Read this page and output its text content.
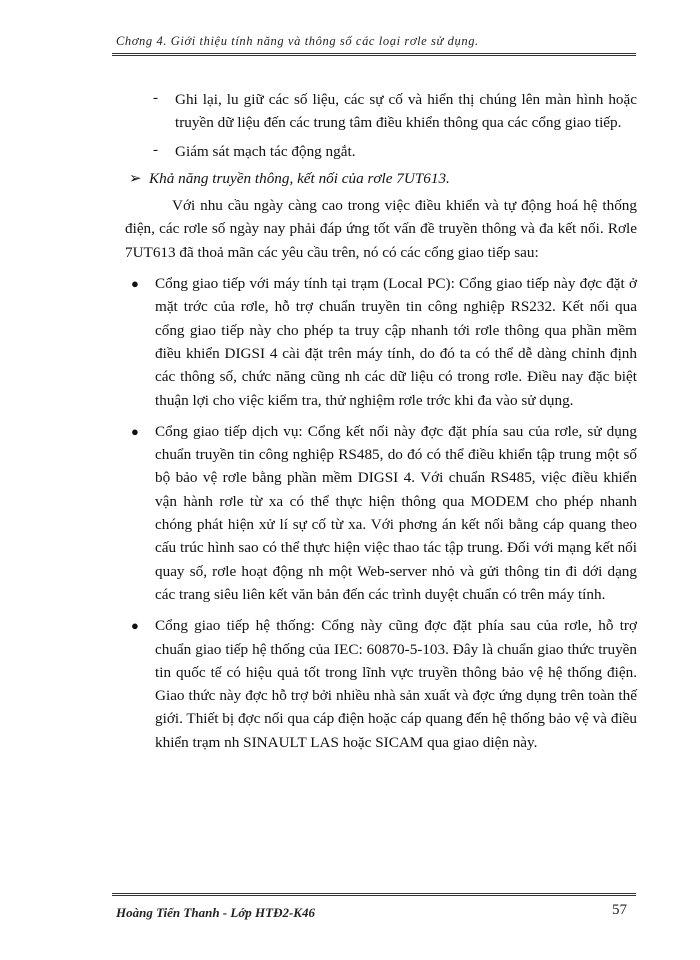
Chơng 4. Giới thiệu tính năng và thông số các loại rơle sử dụng.
- Ghi lại, lu giữ các số liệu, các sự cố và hiển thị chúng lên màn hình hoặc truyền dữ liệu đến các trung tâm điều khiển thông qua các cổng giao tiếp.
- Giám sát mạch tác động ngắt.
➢ Khả năng truyền thông, kết nối của rơle 7UT613.
Với nhu cầu ngày càng cao trong việc điều khiển và tự động hoá hệ thống điện, các rơle số ngày nay phải đáp ứng tốt vấn đề truyền thông và đa kết nối. Rơle 7UT613 đã thoả mãn các yêu cầu trên, nó có các cổng giao tiếp sau:
● Cổng giao tiếp với máy tính tại trạm (Local PC): Cổng giao tiếp này đợc đặt ở mặt trớc của rơle, hỗ trợ chuẩn truyền tin công nghiệp RS232. Kết nối qua cổng giao tiếp này cho phép ta truy cập nhanh tới rơle thông qua phần mềm điều khiển DIGSI 4 cài đặt trên máy tính, do đó ta có thể dễ dàng chỉnh định các thông số, chức năng cũng nh các dữ liệu có trong rơle. Điều nay đặc biệt thuận lợi cho việc kiểm tra, thử nghiệm rơle trớc khi đa vào sử dụng.
● Cổng giao tiếp dịch vụ: Cổng kết nối này đợc đặt phía sau của rơle, sử dụng chuẩn truyền tin công nghiệp RS485, do đó có thể điều khiển tập trung một số bộ bảo vệ rơle bằng phần mềm DIGSI 4. Với chuẩn RS485, việc điều khiển vận hành rơle từ xa có thể thực hiện thông qua MODEM cho phép nhanh chóng phát hiện xử lí sự cố từ xa. Với phơng án kết nối bằng cáp quang theo cấu trúc hình sao có thể thực hiện việc thao tác tập trung. Đối với mạng kết nối quay số, rơle hoạt động nh một Web-server nhỏ và gửi thông tin đi dới dạng các trang siêu liên kết văn bản đến các trình duyệt chuẩn có trên máy tính.
● Cổng giao tiếp hệ thống: Cổng này cũng đợc đặt phía sau của rơle, hỗ trợ chuẩn giao tiếp hệ thống của IEC: 60870-5-103. Đây là chuẩn giao thức truyền tin quốc tế có hiệu quả tốt trong lĩnh vực truyền thông bảo vệ hệ thống điện. Giao thức này đợc hỗ trợ bởi nhiều nhà sản xuất và đợc ứng dụng trên toàn thế giới. Thiết bị đợc nối qua cáp điện hoặc cáp quang đến hệ thống bảo vệ và điều khiển trạm nh SINAULT LAS hoặc SICAM qua giao diện này.
Hoàng Tiến Thanh - Lớp HTĐ2-K46	57
